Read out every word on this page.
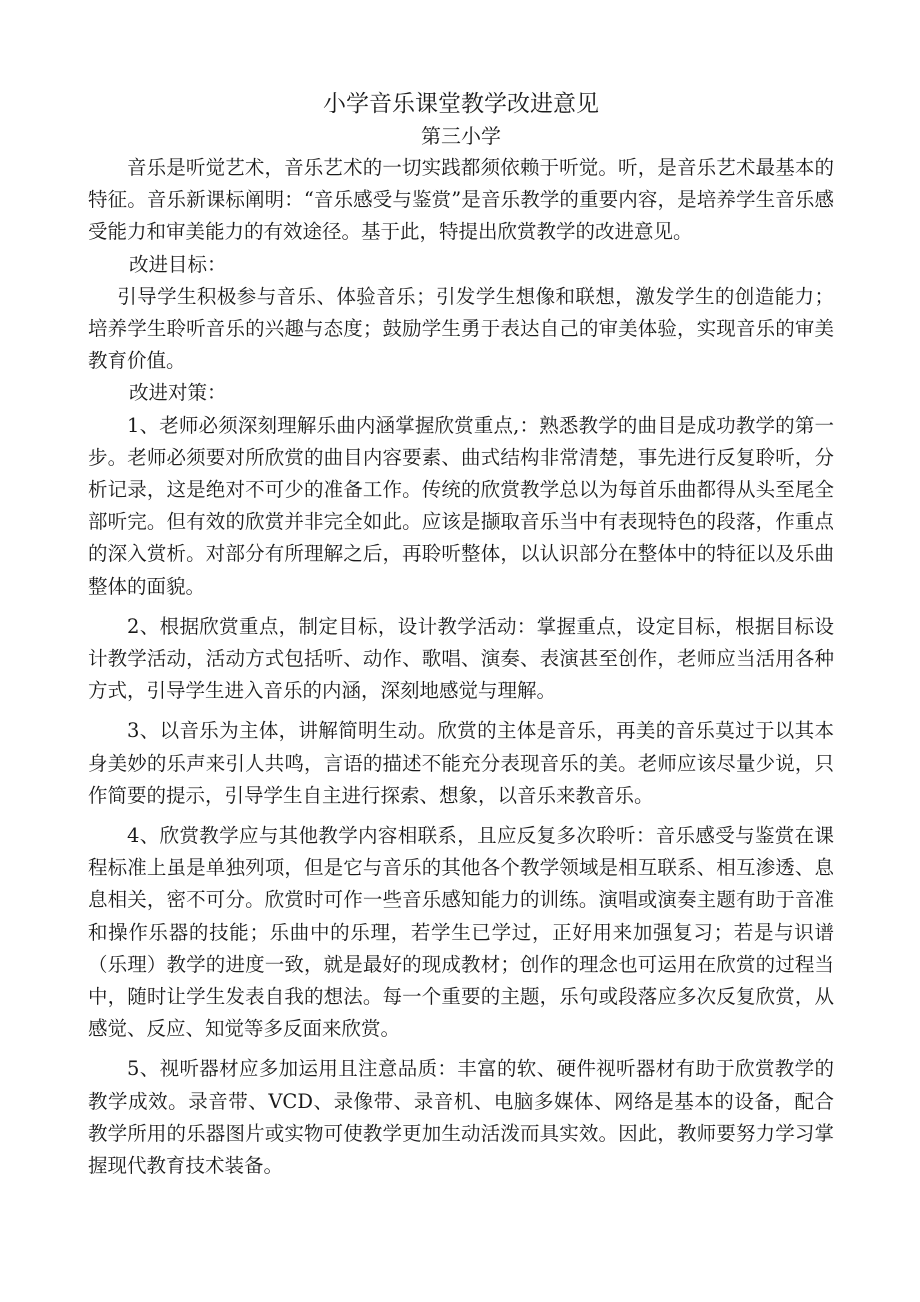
小学音乐课堂教学改进意见

第三小学

音乐是听觉艺术，音乐艺术的一切实践都须依赖于听觉。听，是音乐艺术最基本的特征。音乐新课标阐明：“音乐感受与鉴赏”是音乐教学的重要内容，是培养学生音乐感受能力和审美能力的有效途径。基于此，特提出欣赏教学的改进意见。

改进目标：

引导学生积极参与音乐、体验音乐；引发学生想像和联想，激发学生的创造能力；培养学生聆听音乐的兴趣与态度；鼓励学生勇于表达自己的审美体验，实现音乐的审美教育价值。

改进对策：

1、老师必须深刻理解乐曲内涵掌握欣赏重点,：熟悉教学的曲目是成功教学的第一步。老师必须要对所欣赏的曲目内容要素、曲式结构非常清楚，事先进行反复聆听，分析记录，这是绝对不可少的准备工作。传统的欣赏教学总以为每首乐曲都得从头至尾全部听完。但有效的欣赏并非完全如此。应该是撷取音乐当中有表现特色的段落，作重点的深入赏析。对部分有所理解之后，再聆听整体，以认识部分在整体中的特征以及乐曲整体的面貌。

2、根据欣赏重点，制定目标，设计教学活动：掌握重点，设定目标，根据目标设计教学活动，活动方式包括听、动作、歌唱、演奏、表演甚至创作，老师应当活用各种方式，引导学生进入音乐的内涵，深刻地感觉与理解。

3、以音乐为主体，讲解简明生动。欣赏的主体是音乐，再美的音乐莫过于以其本身美妙的乐声来引人共鸣，言语的描述不能充分表现音乐的美。老师应该尽量少说，只作简要的提示，引导学生自主进行探索、想象，以音乐来教音乐。

4、欣赏教学应与其他教学内容相联系，且应反复多次聆听：音乐感受与鉴赏在课程标准上虽是单独列项，但是它与音乐的其他各个教学领域是相互联系、相互渗透、息息相关，密不可分。欣赏时可作一些音乐感知能力的训练。演唱或演奏主题有助于音准和操作乐器的技能；乐曲中的乐理，若学生已学过，正好用来加强复习；若是与识谱（乐理）教学的进度一致，就是最好的现成教材；创作的理念也可运用在欣赏的过程当中，随时让学生发表自我的想法。每一个重要的主题，乐句或段落应多次反复欣赏，从感觉、反应、知觉等多反面来欣赏。

5、视听器材应多加运用且注意品质：丰富的软、硬件视听器材有助于欣赏教学的教学成效。录音带、VCD、录像带、录音机、电脑多媒体、网络是基本的设备，配合教学所用的乐器图片或实物可使教学更加生动活泼而具实效。因此，教师要努力学习掌握现代教育技术装备。
